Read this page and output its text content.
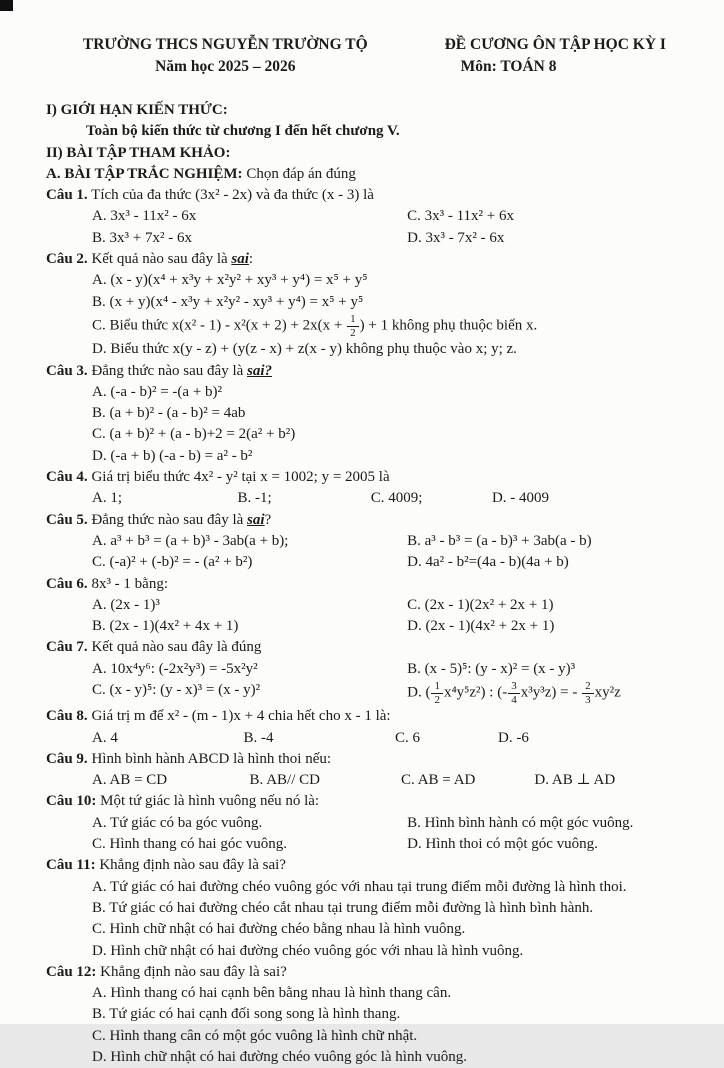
TRƯỜNG THCS NGUYỄN TRƯỜNG TỘ
Năm học 2025 – 2026
ĐỀ CƯƠNG ÔN TẬP HỌC KỲ I
Môn: TOÁN 8
I) GIỚI HẠN KIẾN THỨC:
Toàn bộ kiến thức từ chương I đến hết chương V.
II) BÀI TẬP THAM KHẢO:
A. BÀI TẬP TRẮC NGHIỆM: Chọn đáp án đúng
Câu 1. Tích của đa thức (3x² - 2x) và đa thức (x - 3) là
A. 3x³ - 11x² - 6x	C. 3x³ - 11x² + 6x
B. 3x³ + 7x² - 6x	D. 3x³ - 7x² - 6x
Câu 2. Kết quả nào sau đây là sai:
A. (x - y)(x⁴ + x³y + x²y² + xy³ + y⁴) = x⁵ + y⁵
B. (x + y)(x⁴ - x³y + x²y² - xy³ + y⁴) = x⁵ + y⁵
C. Biểu thức $x(x^2 - 1) - x^2(x + 2) + 2x(x + \frac{1}{2}$ ) + 1 không phụ thuộc biến x.
D. Biểu thức x(y - z) + (y(z - x) + z(x - y) không phụ thuộc vào x; y; z.
Câu 3. Đẳng thức nào sau đây là sai?
A. (-a - b)² = -(a + b)²
B. (a + b)² - (a - b)² = 4ab
C. (a + b)² + (a - b)+2 = 2(a² + b²)
D. (-a + b) (-a - b) = a² - b²
Câu 4. Giá trị biểu thức 4x² - y² tại x = 1002; y = 2005 là
A. 1;	B. -1;	C. 4009;	D. - 4009
Câu 5. Đẳng thức nào sau đây là sai?
A. a³ + b³ = (a + b)³ - 3ab(a + b);	B. a³ - b³ = (a - b)³ + 3ab(a - b)
C. (-a)² + (-b)² = - (a² + b²)	D. 4a² - b²=(4a - b)(4a + b)
Câu 6. 8x³ - 1 bằng:
A. (2x - 1)³	C. (2x - 1)(2x² + 2x + 1)
B. (2x - 1)(4x² + 4x + 1)	D. (2x - 1)(4x² + 2x + 1)
Câu 7. Kết quả nào sau đây là đúng
A. 10x⁴y⁶: (-2x²y³) = -5x²y²	B. (x - 5)⁵: (y - x)² = (x - y)³
C. (x - y)⁵: (y - x)³ = (x - y)²	D. ( $\frac{1}{2} x^4y^5z^2$) : (- $\frac{3}{4} x^3y^3z$) = - $\frac{2}{3} xy^2z$
Câu 8. Giá trị m để x² - (m - 1)x + 4 chia hết cho x - 1 là:
A. 4	B. -4	C. 6	D. -6
Câu 9. Hình bình hành ABCD là hình thoi nếu:
A. AB = CD	B. AB// CD	C. AB = AD	D. AB ⊥ AD
Câu 10: Một tứ giác là hình vuông nếu nó là:
A. Tứ giác có ba góc vuông.	B. Hình bình hành có một góc vuông.
C. Hình thang có hai góc vuông.	D. Hình thoi có một góc vuông.
Câu 11: Khẳng định nào sau đây là sai?
A. Tứ giác có hai đường chéo vuông góc với nhau tại trung điểm mỗi đường là hình thoi.
B. Tứ giác có hai đường chéo cắt nhau tại trung điểm mỗi đường là hình bình hành.
C. Hình chữ nhật có hai đường chéo bằng nhau là hình vuông.
D. Hình chữ nhật có hai đường chéo vuông góc với nhau là hình vuông.
Câu 12: Khẳng định nào sau đây là sai?
A. Hình thang có hai cạnh bên bằng nhau là hình thang cân.
B. Tứ giác có hai cạnh đối song song là hình thang.
C. Hình thang cân có một góc vuông là hình chữ nhật.
D. Hình chữ nhật có hai đường chéo vuông góc là hình vuông.
